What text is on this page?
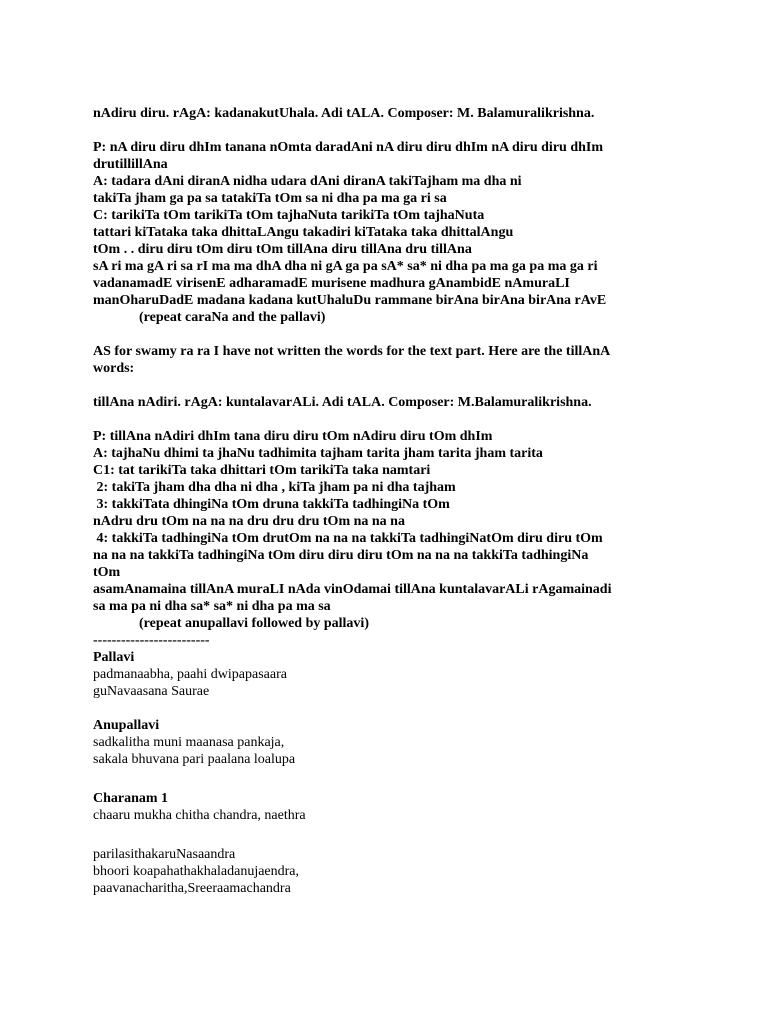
nAdiru diru. rAgA: kadanakutUhala. Adi tALA. Composer: M. Balamuralikrishna.
P: nA diru diru dhIm tanana nOmta daradAni nA diru diru dhIm nA diru diru dhIm
drutillillAna
A: tadara dAni diranA nidha udara dAni diranA takiTajham ma dha ni
takiTa jham ga pa sa tatakiTa tOm sa ni dha pa ma ga ri sa
C: tarikiTa tOm tarikiTa tOm tajhaNuta tarikiTa tOm tajhaNuta
tattari kiTataka taka dhittaLAngu takadiri kiTataka taka dhittalAngu
tOm . . diru diru tOm diru tOm tillAna diru tillAna dru tillAna
sA ri ma gA ri sa rI ma ma dhA dha ni gA ga pa sA* sa* ni dha pa ma ga pa ma ga ri
vadanamadE virisenE adharamadE murisene madhura gAnambidE nAmuraLI
manOharuDadE madana kadana kutUhaluDu rammane birAna birAna birAna rAvE
(repeat caraNa and the pallavi)
AS for swamy ra ra I have not written the words for the text part. Here are the tillAnA
words:
tillAna nAdiri. rAgA: kuntalavarALi. Adi tALA. Composer: M.Balamuralikrishna.
P: tillAna nAdiri dhIm tana diru diru tOm nAdiru diru tOm dhIm
A: tajhaNu dhimi ta jhaNu tadhimita tajham tarita jham tarita jham tarita
C1: tat tarikiTa taka dhittari tOm tarikiTa taka namtari
2: takiTa jham dha dha ni dha , kiTa jham pa ni dha tajham
3: takkiTata dhingiNa tOm druna takkiTa tadhingiNa tOm
nAdru dru tOm na na na dru dru dru tOm na na na
4: takkiTa tadhingiNa tOm drutOm na na na takkiTa tadhingiNatOm diru diru tOm
na na na takkiTa tadhingiNa tOm diru diru diru tOm na na na takkiTa tadhingiNa
tOm
asamAnamaina tillAnA muraLI nAda vinOdamai tillAna kuntalavarALi rAgamainadi
sa ma pa ni dha sa* sa* ni dha pa ma sa
(repeat anupallavi followed by pallavi)
-------------------------
Pallavi
padmanaabha, paahi dwipapasaara
guNavaasana Saurae
Anupallavi
sadkalitha muni maanasa pankaja,
sakala bhuvana pari paalana loalupa
Charanam 1
chaaru mukha chitha chandra, naethra
parilasithakaruNasaandra
bhoori koapahathakhaladanujaendra,
paavanacharitha,Sreeraamachandra
